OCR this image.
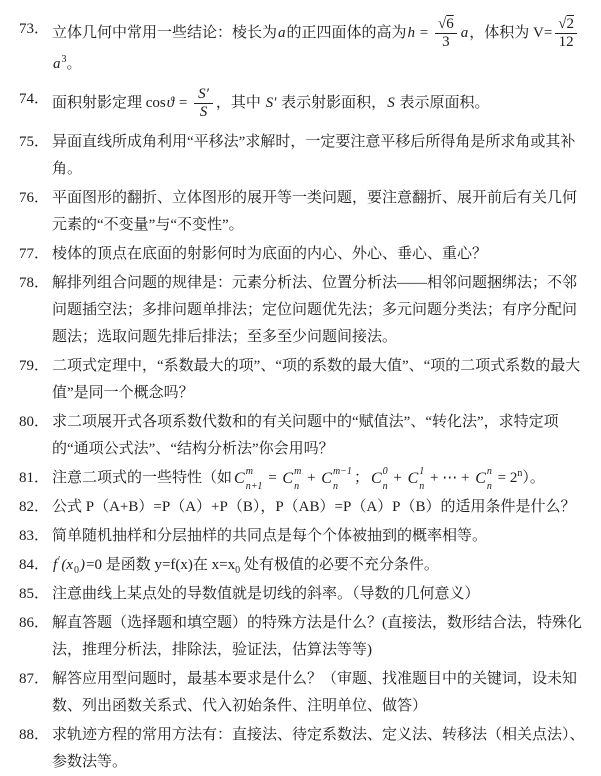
73． 立体几何中常用一些结论：棱长为a的正四面体的高为$h = \frac{√6}{3}$ a，体积为 $V= \frac{√2}{12}$
$a^3$。
74． 面积射影定理 $\cos ϑ = \frac{S'}{S}$ ，其中 S′ 表示射影面积，S 表示原面积。
75． 异面直线所成角利用“平移法”求解时，一定要注意平移后所得角是所求角或其补角。
76． 平面图形的翻折、立体图形的展开等一类问题，要注意翻折、展开前后有关几何元素的“不变量”与“不变性”。
77． 棱体的顶点在底面的射影何时为底面的内心、外心、垂心、重心？
78． 解排列组合问题的规律是：元素分析法、位置分析法——相邻问题捆绑法；不邻问题插空法；多排问题单排法；定位问题优先法；多元问题分类法；有序分配问题法；选取问题先排后排法；至多至少问题间接法。
79． 二项式定理中，“系数最大的项”、“项的系数的最大值”、“项的二项式系数的最大值”是同一个概念吗？
80． 求二项展开式各项系数代数和的有关问题中的“赋值法”、“转化法”，求特定项的“通项公式法”、“结构分析法”你会用吗？
81． 注意二项式的一些特性（如 C m
n+1
= C m
n
+ C m−1
n
； C 0
n
+ C 1
n
+ ⋯ + C n
n
= $2^n$）。
82． 公式 P（A+B）=P（A）+P（B），P（AB）=P（A）P（B）的适用条件是什么？
83． 简单随机抽样和分层抽样的共同点是每个个体被抽到的概率相等。
84． $f'(x_0)=0$ 是函数 y=f(x)在 $x=x_0$ 处有极值的必要不充分条件。
85． 注意曲线上某点处的导数值就是切线的斜率。（导数的几何意义）
86． 解直答题（选择题和填空题）的特殊方法是什么？(直接法，数形结合法，特殊化法，推理分析法，排除法，验证法，估算法等等)
87． 解答应用型问题时，最基本要求是什么？（审题、找准题目中的关键词，设未知数、列出函数关系式、代入初始条件、注明单位、做答）
88． 求轨迹方程的常用方法有：直接法、待定系数法、定义法、转移法（相关点法）、参数法等。
